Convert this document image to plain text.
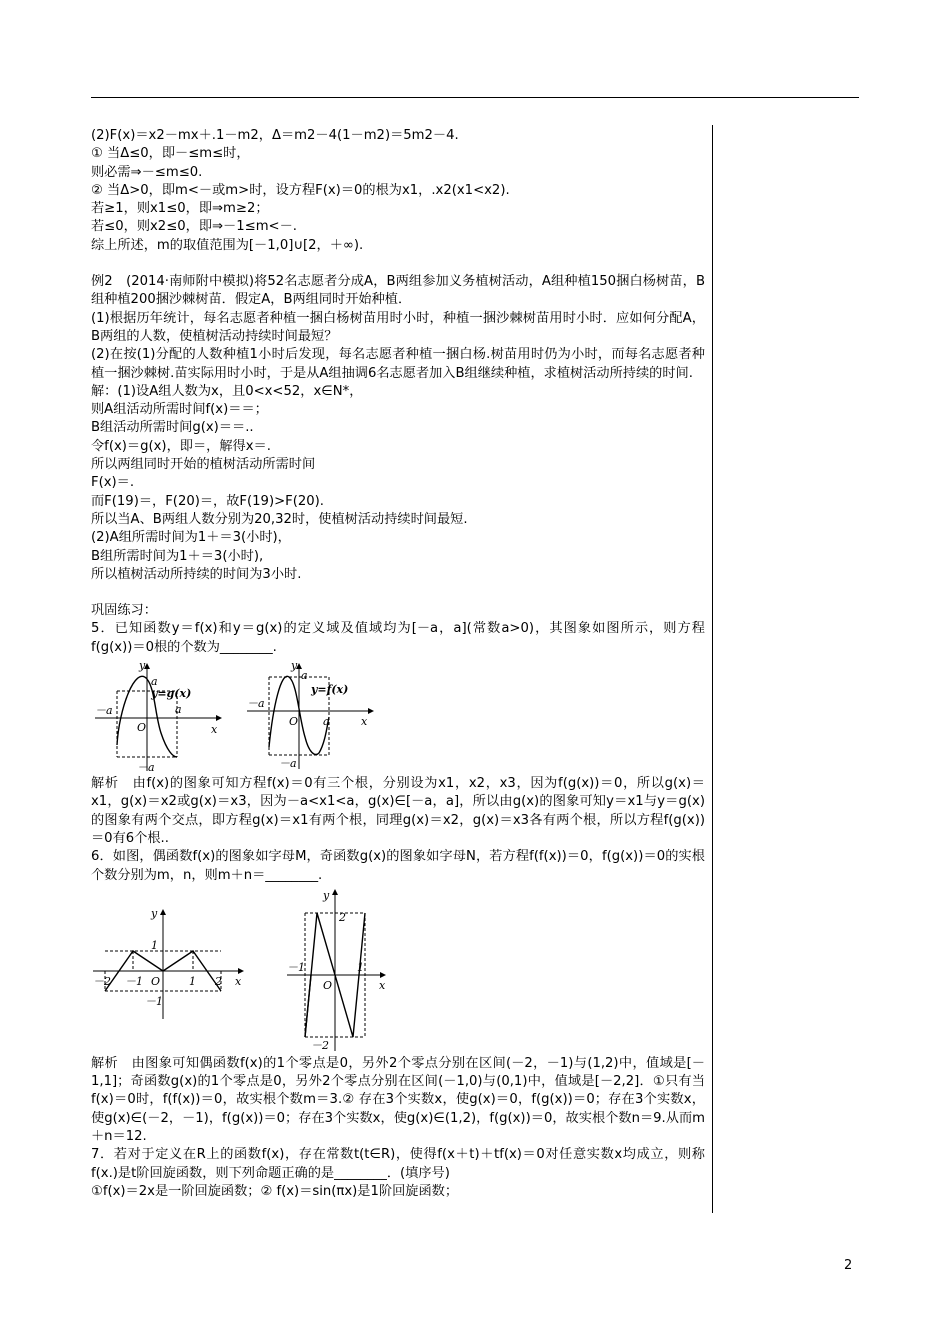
(2)F(x)＝x2－mx＋.1－m2，Δ＝m2－4(1－m2)＝5m2－4.

① 当Δ≤0，即－≤m≤时，

则必需⇒－≤m≤0.

② 当Δ>0，即m<－或m>时，设方程F(x)＝0的根为x1，.x2(x1<x2).

若≥1，则x1≤0，即⇒m≥2；

若≤0，则x2≤0，即⇒－1≤m<－.

综上所述，m的取值范围为[－1,0]∪[2，＋∞).

例2　(2014·南师附中模拟)将52名志愿者分成A，B两组参加义务植树活动，A组种植150捆白杨树苗，B组种植200捆沙棘树苗．假定A，B两组同时开始种植．

(1)根据历年统计，每名志愿者种植一捆白杨树苗用时小时，种植一捆沙棘树苗用时小时．应如何分配A，B两组的人数，使植树活动持续时间最短？

(2)在按(1)分配的人数种植1小时后发现，每名志愿者种植一捆白杨.树苗用时仍为小时，而每名志愿者种植一捆沙棘树.苗实际用时小时，于是从A组抽调6名志愿者加入B组继续种植，求植树活动所持续的时间.

解：(1)设A组人数为x，且0<x<52，x∈N*，

则A组活动所需时间f(x)＝＝；

B组活动所需时间g(x)＝＝..

令f(x)＝g(x)，即＝，解得x＝.

所以两组同时开始的植树活动所需时间

F(x)＝.

而F(19)＝，F(20)＝，故F(19)>F(20).

所以当A、B两组人数分别为20,32时，使植树活动持续时间最短.

(2)A组所需时间为1＋＝3(小时)，

B组所需时间为1＋＝3(小时),

所以植树活动所持续的时间为3小时.

巩固练习：

5．已知函数y＝f(x)和y＝g(x)的定义域及值域均为[－a，a](常数a>0)，其图象如图所示，则方程f(g(x))＝0根的个数为________.

y
y=g(x)
a
－a
O
a
x
－a
y
y=f(x)
a
－a
O a	x
－a

解析　由f(x)的图象可知方程f(x)＝0有三个根，分别设为x1，x2，x3，因为f(g(x))＝0，所以g(x)＝x1，g(x)＝x2或g(x)＝x3，因为－a<x1<a，g(x)∈[－a，a]，所以由g(x)的图象可知y＝x1与y＝g(x)的图象有两个交点，即方程g(x)＝x1有两个根，同理g(x)＝x2，g(x)＝x3各有两个根，所以方程f(g(x))＝0有6个根..

6．如图，偶函数f(x)的图象如字母M，奇函数g(x)的图象如字母N，若方程f(f(x))＝0，f(g(x))＝0的实根个数分别为m，n，则m＋n＝________.

y
1
－2 －1 O	1 2 x
－1
y
2
－1
O
1
x
－2

解析　由图象可知偶函数f(x)的1个零点是0，另外2个零点分别在区间(－2，－1)与(1,2)中，值域是[－1,1]；奇函数g(x)的1个零点是0，另外2个零点分别在区间(－1,0)与(0,1)中，值域是[－2,2]．①只有当f(x)＝0时，f(f(x))＝0，故实根个数m＝3.② 存在3个实数x，使g(x)＝0，f(g(x))＝0；存在3个实数x，使g(x)∈(－2，－1)，f(g(x))＝0；存在3个实数x，使g(x)∈(1,2)，f(g(x))＝0，故实根个数n＝9.从而m＋n＝12.

7．若对于定义在R上的函数f(x)，存在常数t(t∈R)，使得f(x＋t)＋tf(x)＝0对任意实数x均成立，则称f(x.)是t阶回旋函数，则下列命题正确的是________．(填序号)

①f(x)＝2x是一阶回旋函数；② f(x)＝sin(πx)是1阶回旋函数；

2
